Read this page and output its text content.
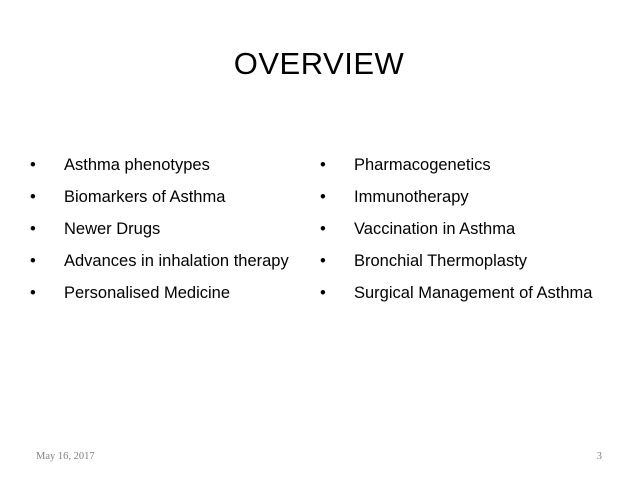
OVERVIEW
•	Asthma phenotypes
•	Biomarkers of Asthma
•	Newer Drugs
•	Advances in inhalation therapy
•	Personalised Medicine
•	Pharmacogenetics
•	Immunotherapy
•	Vaccination in Asthma
•	Bronchial Thermoplasty
•	Surgical Management of Asthma
May 16, 2017	3
